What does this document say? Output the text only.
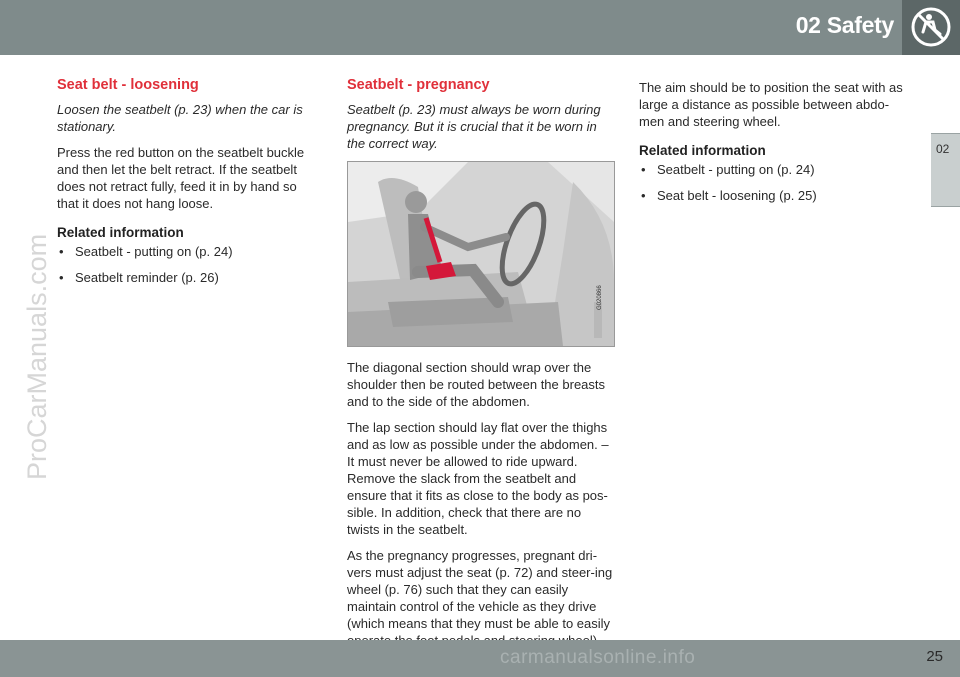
02 Safety
02
ProCarManuals.com
Seat belt - loosening

Loosen the seatbelt (p. 23) when the car is stationary.

Press the red button on the seatbelt buckle and then let the belt retract. If the seatbelt does not retract fully, feed it in by hand so that it does not hang loose.

Related information
• Seatbelt - putting on (p. 24)
• Seatbelt reminder (p. 26)
Seatbelt - pregnancy

Seatbelt (p. 23) must always be worn during pregnancy. But it is crucial that it be worn in the correct way.

G020866

The diagonal section should wrap over the shoulder then be routed between the breasts and to the side of the abdomen.

The lap section should lay flat over the thighs and as low as possible under the abdomen. – It must never be allowed to ride upward. Remove the slack from the seatbelt and ensure that it fits as close to the body as pos-sible. In addition, check that there are no twists in the seatbelt.

As the pregnancy progresses, pregnant dri-vers must adjust the seat (p. 72) and steer-ing wheel (p. 76) such that they can easily maintain control of the vehicle as they drive (which means that they must be able to easily

The aim should be to position the seat with as large a distance as possible between abdo-men and steering wheel.

Related information
• Seatbelt - putting on (p. 24)
• Seat belt - loosening (p. 25)
carmanualsonline.info	25
